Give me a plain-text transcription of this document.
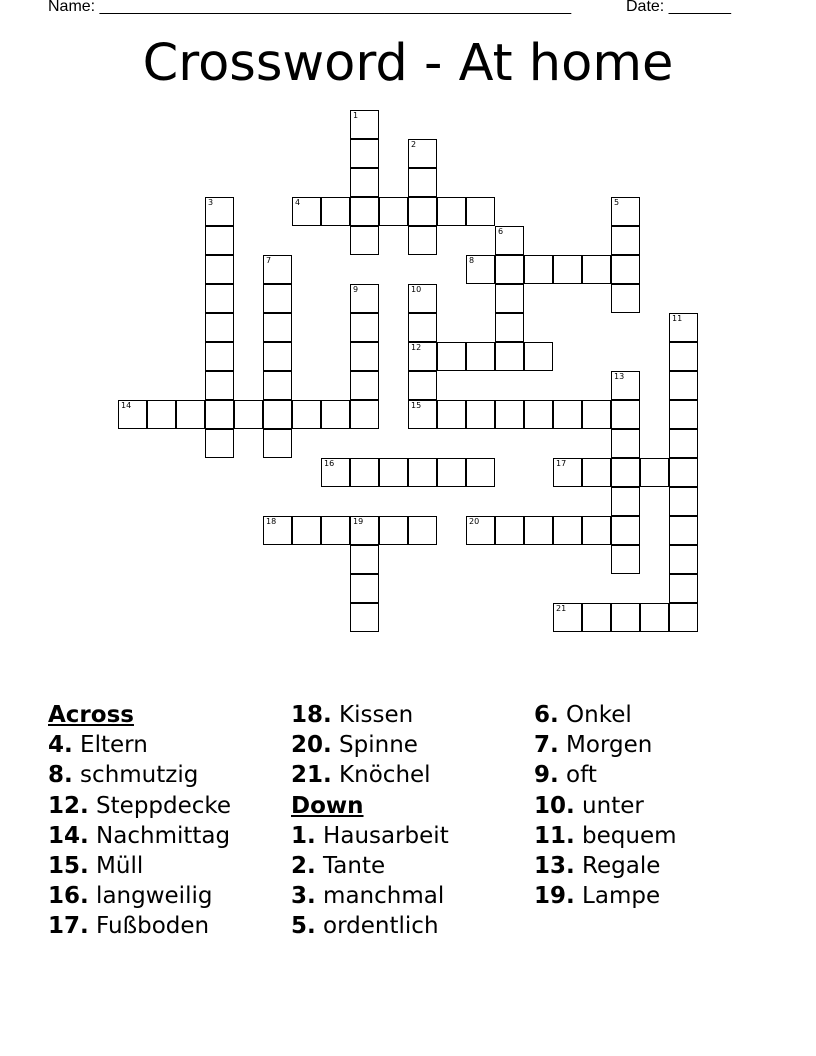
Name: _____________________________________________________	Date: _______
Crossword - At home
1
2
3	4	5
6
7	8
9	10
12
15
11
13
14
16	17
18	19	20
21
Across
4. Eltern
8. schmutzig
12. Steppdecke
14. Nachmittag
15. Müll
16. langweilig
17. Fußboden
18. Kissen
20. Spinne
21. Knöchel
Down
1. Hausarbeit
2. Tante
3. manchmal
5. ordentlich
6. Onkel
7. Morgen
9. oft
10. unter
11. bequem
13. Regale
19. Lampe
